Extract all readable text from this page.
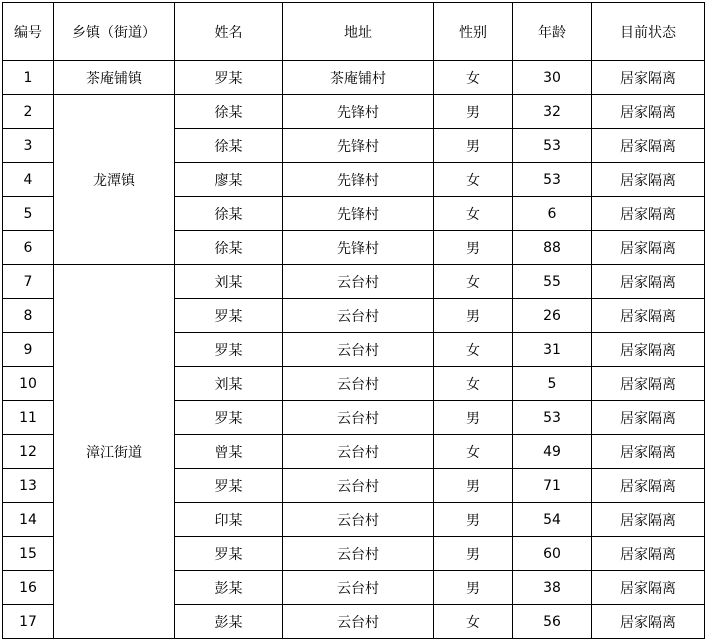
编号	乡镇（街道）	姓名	地址	性别	年龄	目前状态
1	茶庵铺镇	罗某	茶庵铺村	女	30	居家隔离
2	龙潭镇	徐某	先锋村	男	32	居家隔离
3		徐某	先锋村	男	53	居家隔离
4		廖某	先锋村	女	53	居家隔离
5		徐某	先锋村	女	6	居家隔离
6		徐某	先锋村	男	88	居家隔离
7	漳江街道	刘某	云台村	女	55	居家隔离
8		罗某	云台村	男	26	居家隔离
9		罗某	云台村	女	31	居家隔离
10		刘某	云台村	女	5	居家隔离
11		罗某	云台村	男	53	居家隔离
12		曾某	云台村	女	49	居家隔离
13		罗某	云台村	男	71	居家隔离
14		印某	云台村	男	54	居家隔离
15		罗某	云台村	男	60	居家隔离
16		彭某	云台村	男	38	居家隔离
17		彭某	云台村	女	56	居家隔离
